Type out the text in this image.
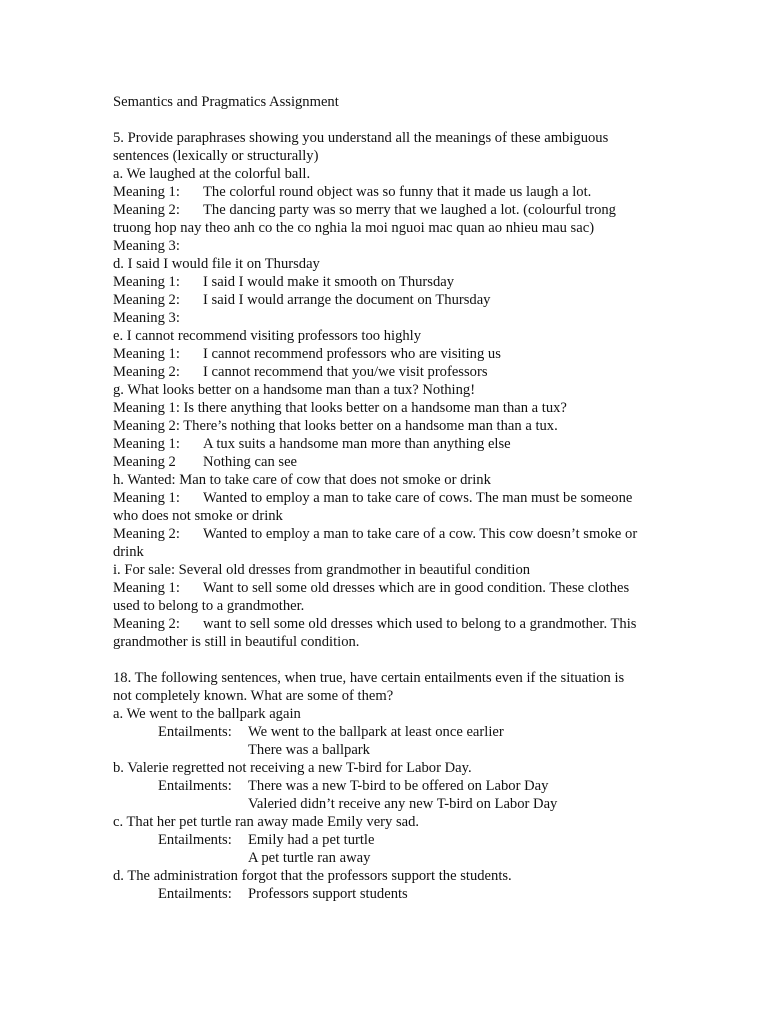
Semantics and Pragmatics Assignment
5. Provide paraphrases showing you understand all the meanings of these ambiguous
sentences (lexically or structurally)
a. We laughed at the colorful ball.
Meaning 1: The colorful round object was so funny that it made us laugh a lot.
Meaning 2: The dancing party was so merry that we laughed a lot. (colourful trong
truong hop nay theo anh co the co nghia la moi nguoi mac quan ao nhieu mau sac)
Meaning 3:
d. I said I would file it on Thursday
Meaning 1: I said I would make it smooth on Thursday
Meaning 2: I said I would arrange the document on Thursday
Meaning 3:
e. I cannot recommend visiting professors too highly
Meaning 1: I cannot recommend professors who are visiting us
Meaning 2: I cannot recommend that you/we visit professors
g. What looks better on a handsome man than a tux? Nothing!
Meaning 1: Is there anything that looks better on a handsome man than a tux?
Meaning 2: There’s nothing that looks better on a handsome man than a tux.
Meaning 1: A tux suits a handsome man more than anything else
Meaning 2 Nothing can see
h. Wanted: Man to take care of cow that does not smoke or drink
Meaning 1: Wanted to employ a man to take care of cows. The man must be someone
who does not smoke or drink
Meaning 2: Wanted to employ a man to take care of a cow. This cow doesn’t smoke or
drink
i. For sale: Several old dresses from grandmother in beautiful condition
Meaning 1: Want to sell some old dresses which are in good condition. These clothes
used to belong to a grandmother.
Meaning 2: want to sell some old dresses which used to belong to a grandmother. This
grandmother is still in beautiful condition.
18. The following sentences, when true, have certain entailments even if the situation is
not completely known. What are some of them?
a. We went to the ballpark again
Entailments:	We went to the ballpark at least once earlier
There was a ballpark
b. Valerie regretted not receiving a new T-bird for Labor Day.
Entailments:	There was a new T-bird to be offered on Labor Day
Valeried didn’t receive any new T-bird on Labor Day
c. That her pet turtle ran away made Emily very sad.
Entailments:	Emily had a pet turtle
A pet turtle ran away
d. The administration forgot that the professors support the students.
Entailments:	Professors support students
